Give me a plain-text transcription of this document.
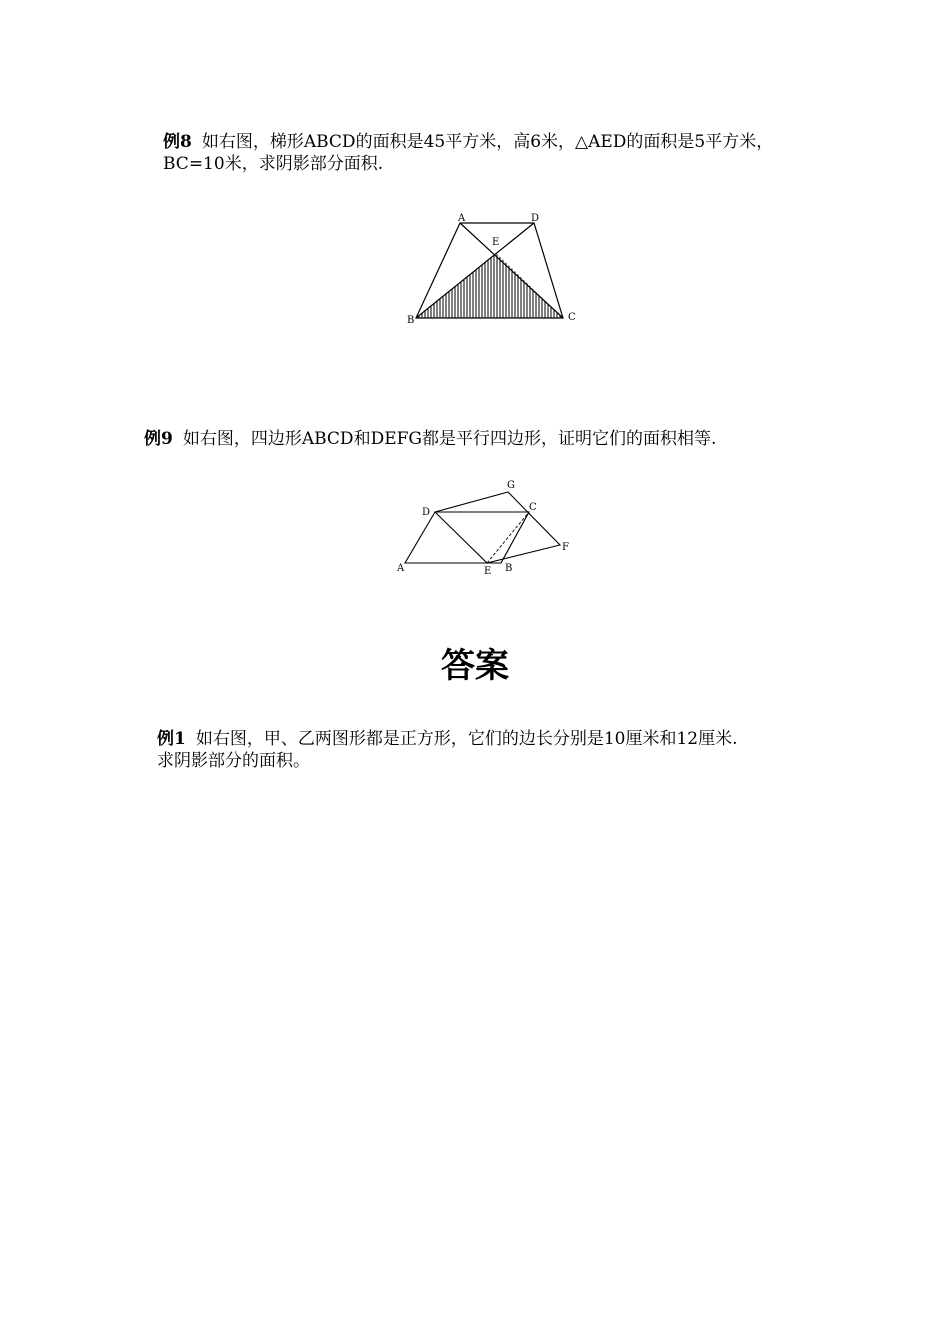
例8 如右图，梯形ABCD的面积是45平方米，高6米，△AED的面积是5平方米，
BC=10米，求阴影部分面积.
A	D
E
B	C
例9 如右图，四边形ABCD和DEFG都是平行四边形，证明它们的面积相等.
G
D	C
F
A	E B
答案
例1 如右图，甲、乙两图形都是正方形，它们的边长分别是10厘米和12厘米.
求阴影部分的面积。
